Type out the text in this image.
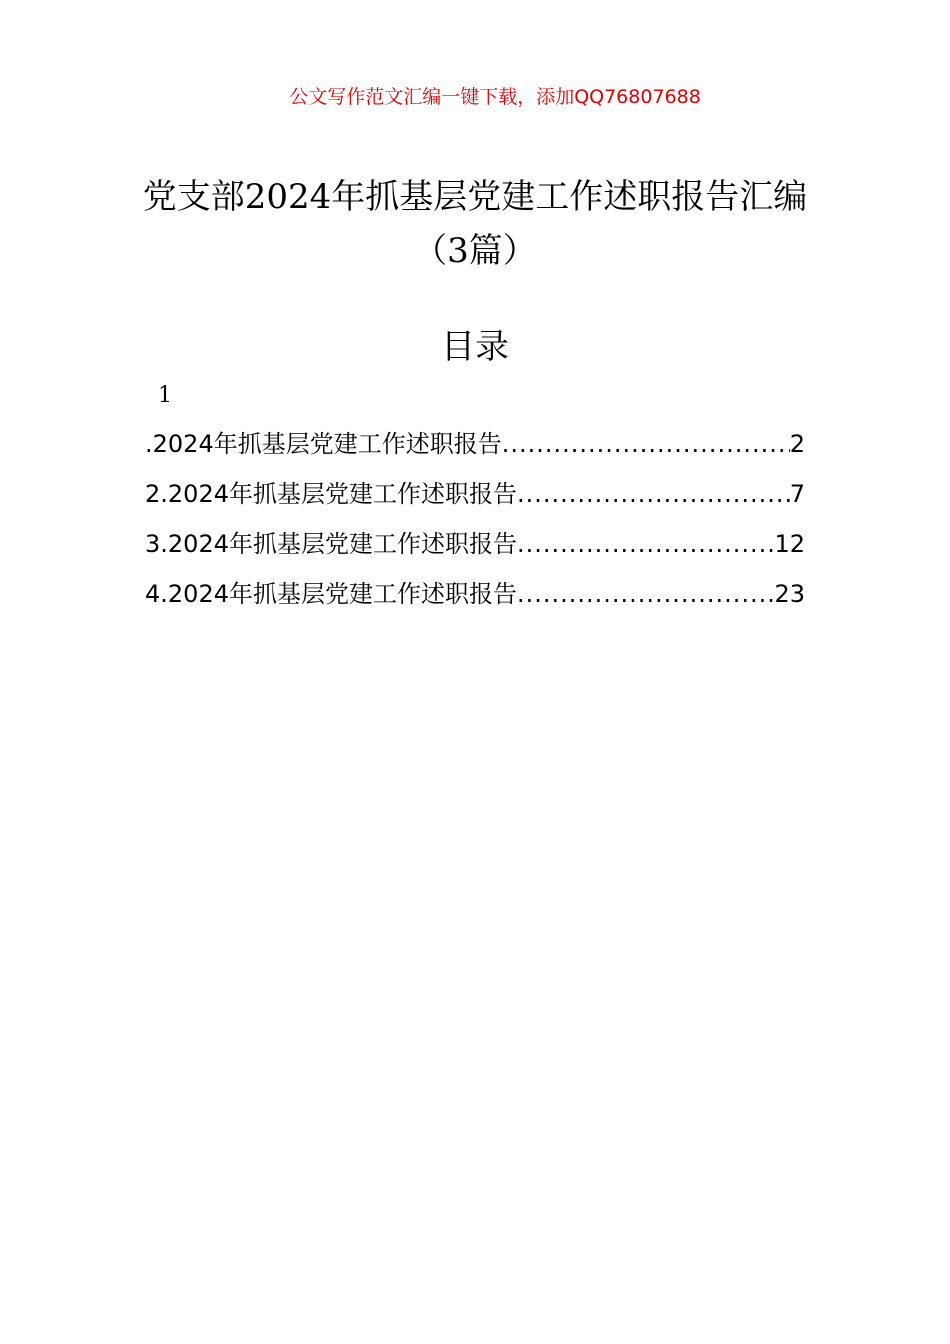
公文写作范文汇编一键下载，添加QQ76807688
党支部2024年抓基层党建工作述职报告汇编（3篇）
目录
1
.2024年抓基层党建工作述职报告 .....	2
2.2024年抓基层党建工作述职报告 .....	7
3.2024年抓基层党建工作述职报告 .....	12
4.2024年抓基层党建工作述职报告 .....	23
